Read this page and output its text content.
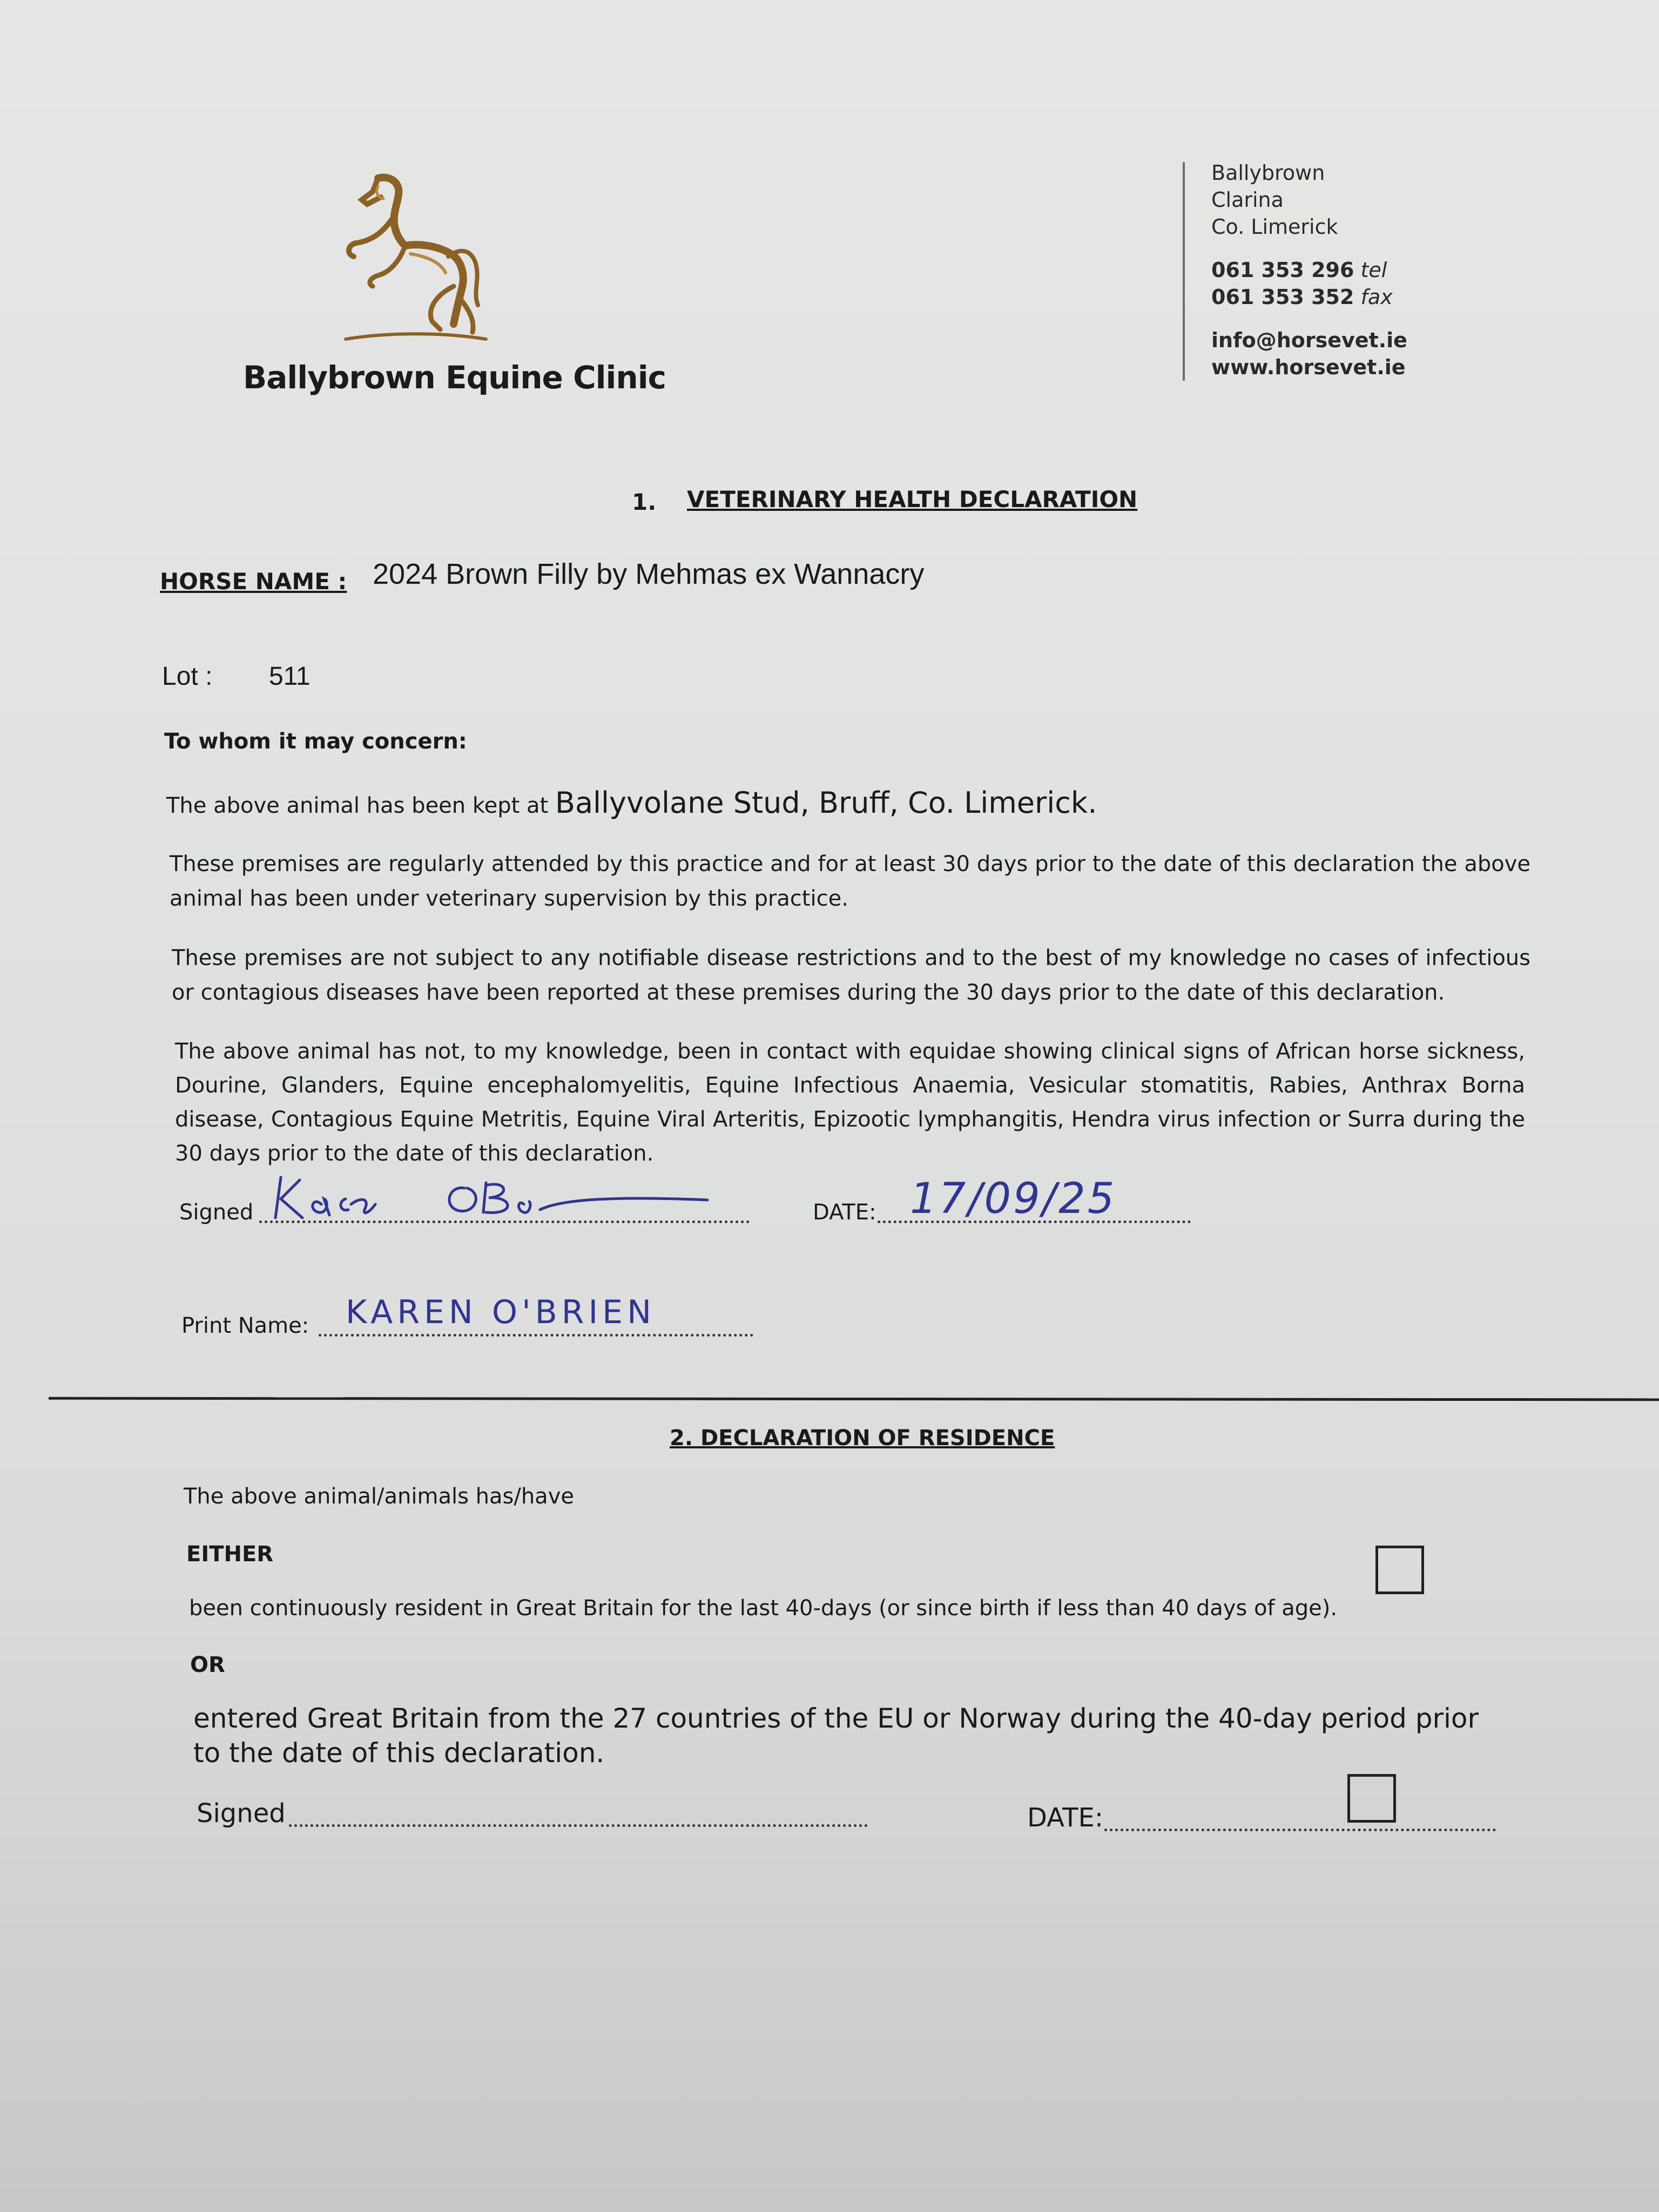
Ballybrown Equine Clinic
Ballybrown
Clarina
Co. Limerick
061 353 296 tel
061 353 352 fax
info@horsevet.ie
www.horsevet.ie
1. VETERINARY HEALTH DECLARATION
HORSE NAME : 2024 Brown Filly by Mehmas ex Wannacry
Lot : 511
To whom it may concern:
The above animal has been kept at Ballyvolane Stud, Bruff, Co. Limerick.
These premises are regularly attended by this practice and for at least 30 days prior to the date of this declaration the above animal has been under veterinary supervision by this practice.
These premises are not subject to any notifiable disease restrictions and to the best of my knowledge no cases of infectious or contagious diseases have been reported at these premises during the 30 days prior to the date of this declaration.
The above animal has not, to my knowledge, been in contact with equidae showing clinical signs of African horse sickness, Dourine, Glanders, Equine encephalomyelitis, Equine Infectious Anaemia, Vesicular stomatitis, Rabies, Anthrax Borna disease, Contagious Equine Metritis, Equine Viral Arteritis, Epizootic lymphangitis, Hendra virus infection or Surra during the 30 days prior to the date of this declaration.
Signed	DATE: 17/09/25
Print Name: KAREN O'BRIEN
2. DECLARATION OF RESIDENCE
The above animal/animals has/have
EITHER
been continuously resident in Great Britain for the last 40-days (or since birth if less than 40 days of age).
OR
entered Great Britain from the 27 countries of the EU or Norway during the 40-day period prior to the date of this declaration.
Signed	DATE:
